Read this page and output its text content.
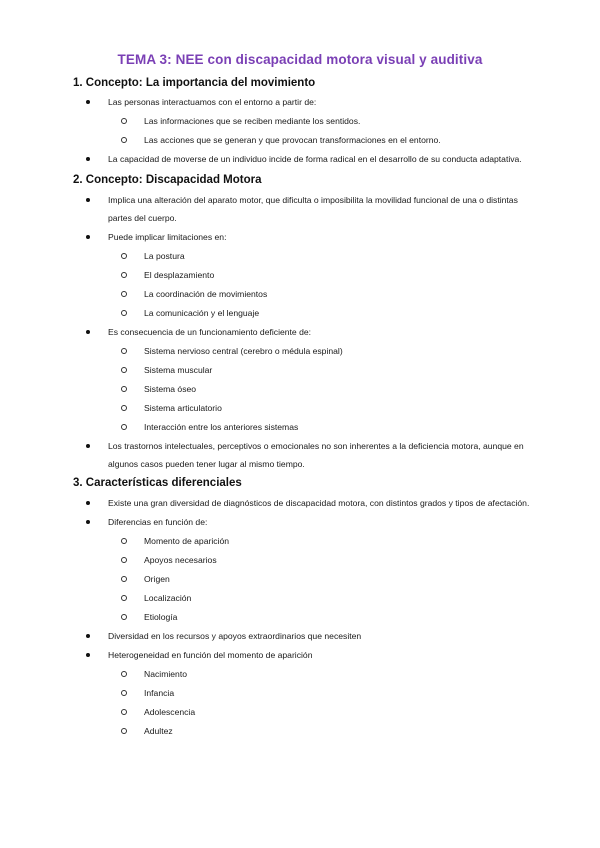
TEMA 3: NEE con discapacidad motora visual y auditiva
1. Concepto: La importancia del movimiento
Las personas interactuamos con el entorno a partir de:
Las informaciones que se reciben mediante los sentidos.
Las acciones que se generan y que provocan transformaciones en el entorno.
La capacidad de moverse de un individuo incide de forma radical en el desarrollo de su conducta adaptativa.
2. Concepto: Discapacidad Motora
Implica una alteración del aparato motor, que dificulta o imposibilita la movilidad funcional de una o distintas partes del cuerpo.
Puede implicar limitaciones en:
La postura
El desplazamiento
La coordinación de movimientos
La comunicación y el lenguaje
Es consecuencia de un funcionamiento deficiente de:
Sistema nervioso central (cerebro o médula espinal)
Sistema muscular
Sistema óseo
Sistema articulatorio
Interacción entre los anteriores sistemas
Los trastornos intelectuales, perceptivos o emocionales no son inherentes a la deficiencia motora, aunque en algunos casos pueden tener lugar al mismo tiempo.
3. Características diferenciales
Existe una gran diversidad de diagnósticos de discapacidad motora, con distintos grados y tipos de afectación.
Diferencias en función de:
Momento de aparición
Apoyos necesarios
Origen
Localización
Etiología
Diversidad en los recursos y apoyos extraordinarios que necesiten
Heterogeneidad en función del momento de aparición
Nacimiento
Infancia
Adolescencia
Adultez
